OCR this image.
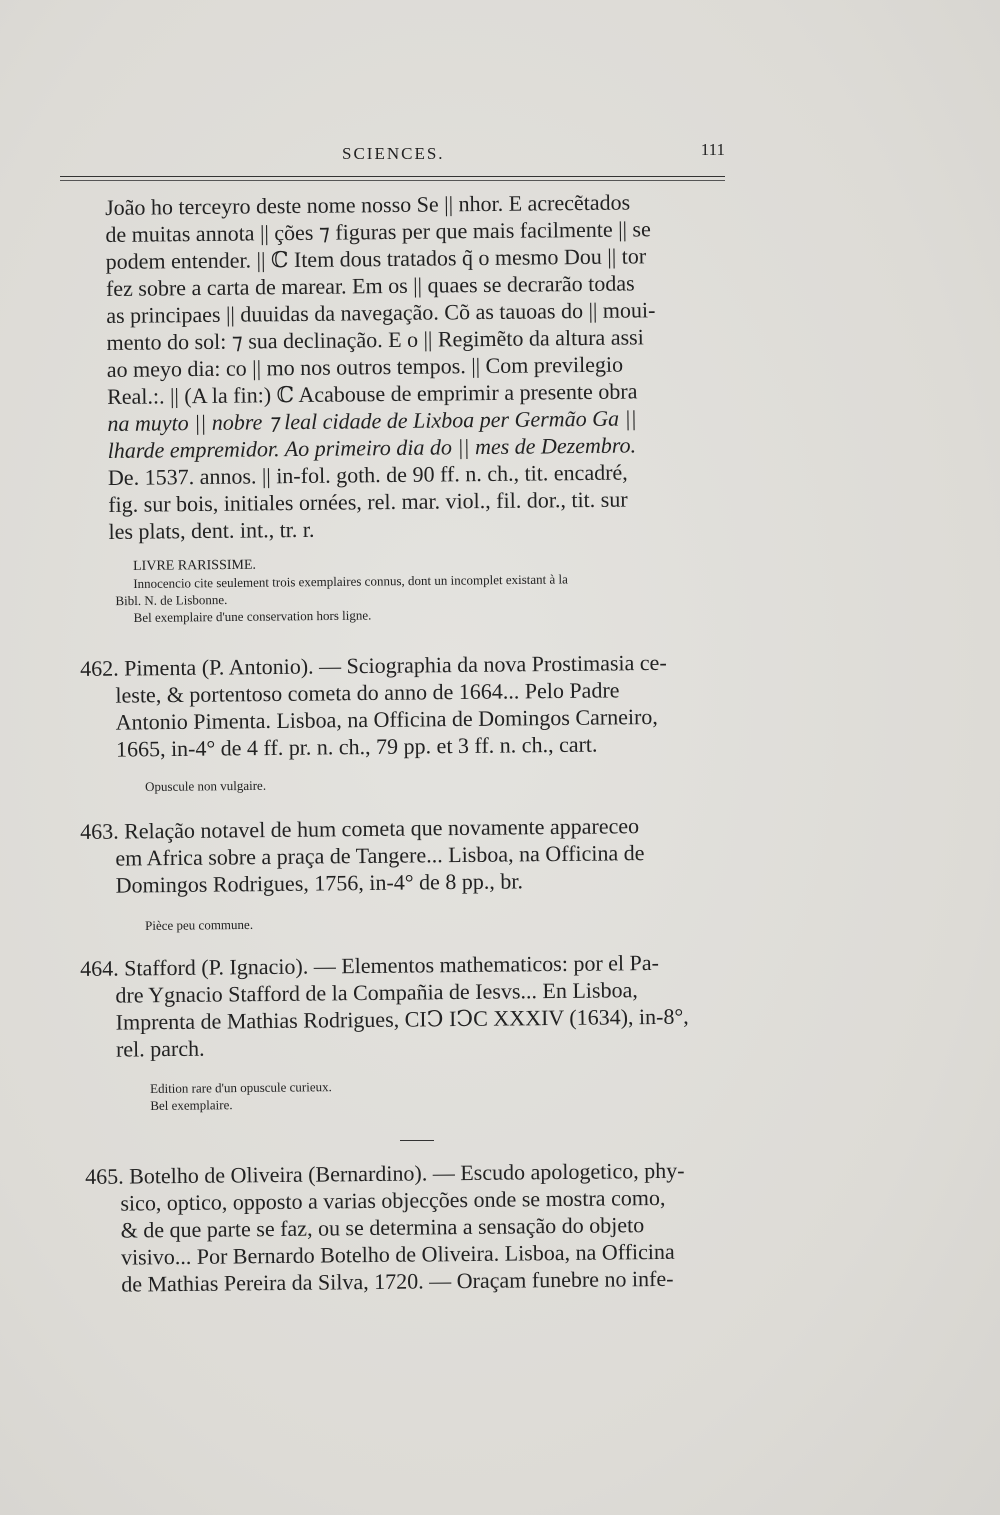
SCIENCES.	111
João ho terceyro deste nome nosso Se || nhor. E acrecẽtados
de muitas annota || ções ⁊ figuras per que mais facilmente || se
podem entender. || ℂ Item dous tratados q̃ o mesmo Dou || tor
fez sobre a carta de marear. Em os || quaes se decrarão todas
as principaes || duuidas da navegação. Cõ as tauoas do || moui-
mento do sol: ⁊ sua declinação. E o || Regimẽto da altura assi
ao meyo dia: co || mo nos outros tempos. || Com previlegio
Real.:. || (A la fin:) ℂ Acabouse de emprimir a presente obra
na muyto || nobre ⁊ leal cidade de Lixboa per Germão Ga ||
lharde empremidor. Ao primeiro dia do || mes de Dezembro.
De. 1537. annos. || in-fol. goth. de 90 ff. n. ch., tit. encadré,
fig. sur bois, initiales ornées, rel. mar. viol., fil. dor., tit. sur
les plats, dent. int., tr. r.
LIVRE RARISSIME.
Innocencio cite seulement trois exemplaires connus, dont un incomplet existant à la
Bibl. N. de Lisbonne.
Bel exemplaire d'une conservation hors ligne.
462. Pimenta (P. Antonio). — Sciographia da nova Prostimasia ce-
leste, & portentoso cometa do anno de 1664... Pelo Padre
Antonio Pimenta. Lisboa, na Officina de Domingos Carneiro,
1665, in-4° de 4 ff. pr. n. ch., 79 pp. et 3 ff. n. ch., cart.
Opuscule non vulgaire.
463. Relação notavel de hum cometa que novamente appareceo
em Africa sobre a praça de Tangere... Lisboa, na Officina de
Domingos Rodrigues, 1756, in-4° de 8 pp., br.
Pièce peu commune.
464. Stafford (P. Ignacio). — Elementos mathematicos: por el Pa-
dre Ygnacio Stafford de la Compañia de Iesvs... En Lisboa,
Imprenta de Mathias Rodrigues, CIↃ IↃC XXXIV (1634), in-8°,
rel. parch.
Edition rare d'un opuscule curieux.
Bel exemplaire.
465. Botelho de Oliveira (Bernardino). — Escudo apologetico, phy-
sico, optico, opposto a varias objecções onde se mostra como,
& de que parte se faz, ou se determina a sensação do objeto
visivo... Por Bernardo Botelho de Oliveira. Lisboa, na Officina
de Mathias Pereira da Silva, 1720. — Oraçam funebre no infe-
